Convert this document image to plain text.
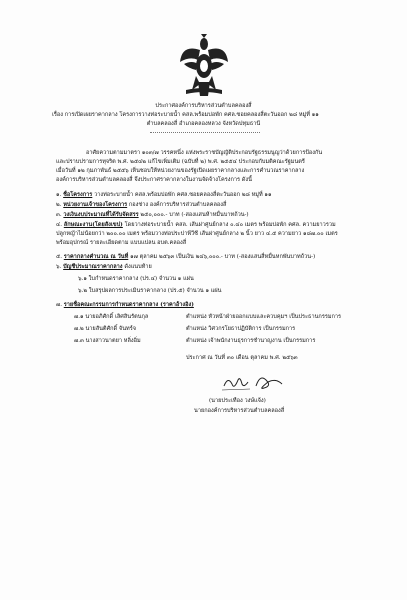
ประกาศองค์การบริหารส่วนตำบลคลองสี่
เรื่อง การเปิดเผยราคากลาง โครงการวางท่อระบายน้ำ คสล.พร้อมบ่อพัก คศล.ซอยคลองสี่ตะวันออก ๒๘ หมู่ที่ ๑๑
ตำบลคลองสี่ อำเภอคลองหลวง จังหวัดปทุมธานี
อาศัยความตามมาตรา ๑๐๓/๗ วรรคหนึ่ง แห่งพระราชบัญญัติประกอบรัฐธรรมนูญว่าด้วยการป้องกัน
และปราบปรามการทุจริต พ.ศ. ๒๕๔๒ แก้ไขเพิ่มเติม (ฉบับที่ ๒) พ.ศ. ๒๕๕๔ ประกอบกับมติคณะรัฐมนตรี
เมื่อวันที่ ๑๒ กุมภาพันธ์ ๒๕๕๖ เห็นชอบให้หน่วยงานของรัฐเปิดเผยราคากลางและการคำนวณราคากลาง
องค์การบริหารส่วนตำบลคลองสี่ จึงประกาศราคากลางในงานจัดจ้างโครงการ ดังนี้
๑. ชื่อโครงการ วางท่อระบายน้ำ คสล.พร้อมบ่อพัก คศล.ซอยคลองสี่ตะวันออก ๒๘ หมู่ที่ ๑๑
๒. หน่วยงานเจ้าของโครงการ กองช่าง องค์การบริหารส่วนตำบลคลองสี่
๓. วงเงินงบประมาณที่ได้รับจัดสรร ๒๕๐,๐๐๐.- บาท (-สองแสนห้าหมื่นบาทถ้วน-)
๔. ลักษณะงาน(โดยสังเขป) โดยวางท่อระบายน้ำ คสล. เส้นผ่าศูนย์กลาง ๐.๔๐ เมตร พร้อมบ่อพัก คศล. ความยาวรวม
ปลูกหญ้าไม่น้อยกว่า ๒๐๐.๐๐ เมตร พร้อมวางท่อประปาพีวีซี เส้นผ่าศูนย์กลาง ๒ นิ้ว ยาว ๔.๕ ความยาว ๑๘๗.๐๐ เมตร
พร้อมอุปกรณ์ รายละเอียดตาม แบบแปลน อบต.คลองสี่
๕. ราคากลางคำนวณ ณ วันที่ ๑๗ ตุลาคม ๒๕๖๓ เป็นเงิน ๒๔๖,๐๐๐.- บาท (-สองแสนสี่หมื่นหกพันบาทถ้วน-)
๖. บัญชีประมาณราคากลาง ดังแนบท้าย
๖.๑ ใบกำหนดราคากลาง (ปร.๔) จำนวน ๑ แผ่น
๖.๒ ใบสรุปผลการประเมินราคากลาง (ปร.๕) จำนวน ๑ แผ่น
๗. รายชื่อคณะกรรมการกำหนดราคากลาง (ราคาอ้างอิง)
๗.๑ นายอภิศักดิ์ เลิศสินรัตนกุล	ตำแหน่ง หัวหน้าฝ่ายออกแบบและควบคุมฯ เป็นประธานกรรมการ
๗.๒ นายสันติศักดิ์ จันทร์จ	ตำแหน่ง วิศวกรโยธาปฏิบัติการ เป็นกรรมการ
๗.๓ นางสาวนาตยา หลิ่งอิ่ม	ตำแหน่ง เจ้าพนักงานธุรการชำนาญงาน เป็นกรรมการ
ประกาศ ณ วันที่ ๓๐ เดือน ตุลาคม พ.ศ. ๒๕๖๓
(นายประเทือง วงษ์แจ้ง)
นายกองค์การบริหารส่วนตำบลคลองสี่
